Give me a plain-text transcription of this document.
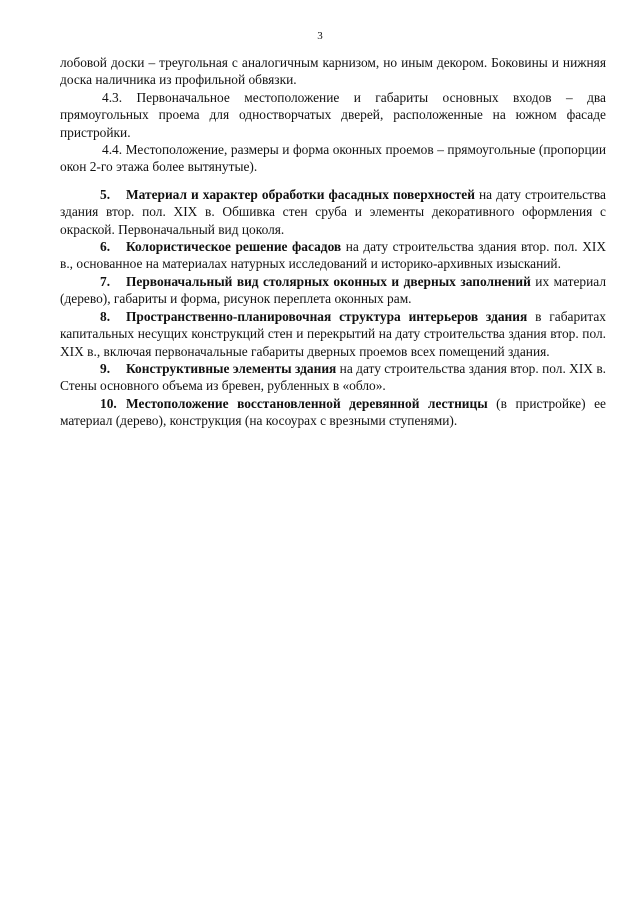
3

лобовой доски – треугольная с аналогичным карнизом, но иным декором. Боковины и нижняя доска наличника из профильной обвязки.

4.3. Первоначальное местоположение и габариты основных входов – два прямоугольных проема для одностворчатых дверей, расположенные на южном фасаде пристройки.

4.4. Местоположение, размеры и форма оконных проемов – прямоугольные (пропорции окон 2-го этажа более вытянутые).

5. Материал и характер обработки фасадных поверхностей на дату строительства здания втор. пол. XIX в. Обшивка стен сруба и элементы декоративного оформления с окраской. Первоначальный вид цоколя.

6. Колористическое решение фасадов на дату строительства здания втор. пол. XIX в., основанное на материалах натурных исследований и историко-архивных изысканий.

7. Первоначальный вид столярных оконных и дверных заполнений их материал (дерево), габариты и форма, рисунок переплета оконных рам.

8. Пространственно-планировочная структура интерьеров здания в габаритах капитальных несущих конструкций стен и перекрытий на дату строительства здания втор. пол. XIX в., включая первоначальные габариты дверных проемов всех помещений здания.

9. Конструктивные элементы здания на дату строительства здания втор. пол. XIX в. Стены основного объема из бревен, рубленных в «обло».

10. Местоположение восстановленной деревянной лестницы (в пристройке) ее материал (дерево), конструкция (на косоурах с врезными ступенями).
